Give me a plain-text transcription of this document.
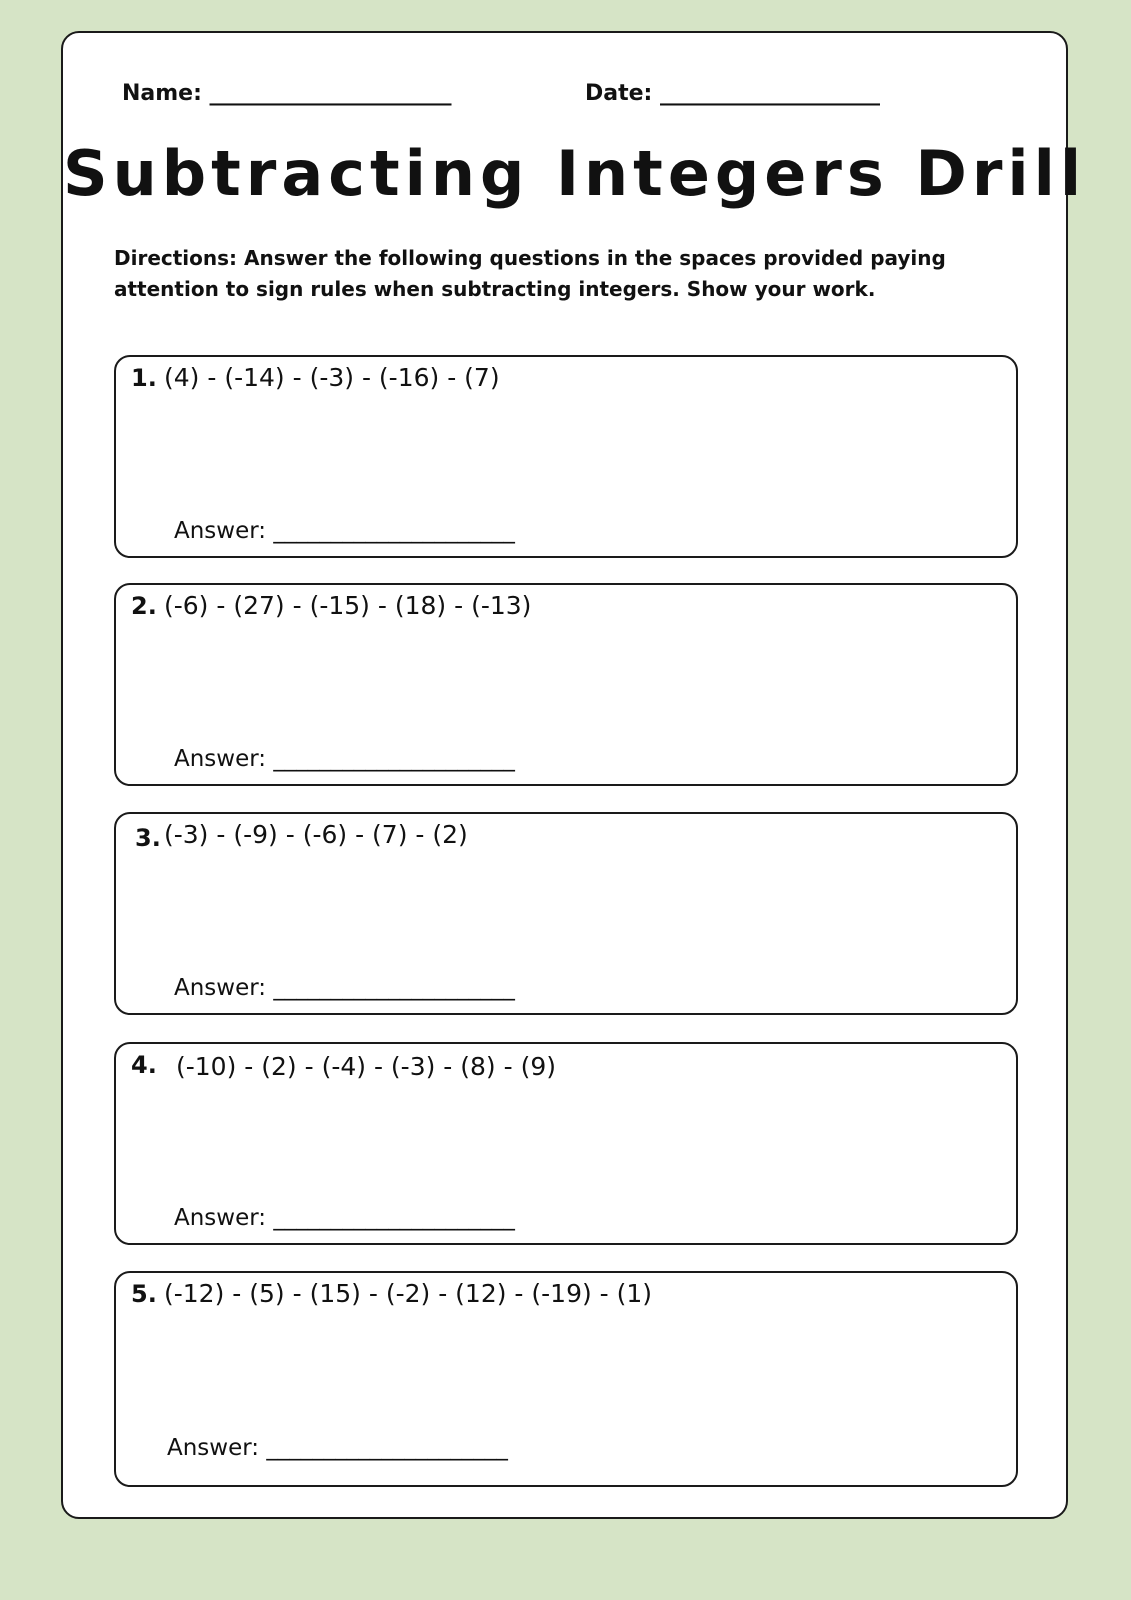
Name: ______________________	Date: ____________________
Subtracting Integers Drill
Directions: Answer the following questions in the spaces provided paying attention to sign rules when subtracting integers. Show your work.
1. (4) - (-14) - (-3) - (-16) - (7)
Answer: _____________________
2. (-6) - (27) - (-15) - (18) - (-13)
Answer: _____________________
3. (-3) - (-9) - (-6) - (7) - (2)
Answer: _____________________
4. (-10) - (2) - (-4) - (-3) - (8) - (9)
Answer: _____________________
5. (-12) - (5) - (15) - (-2) - (12) - (-19) - (1)
Answer: _____________________
